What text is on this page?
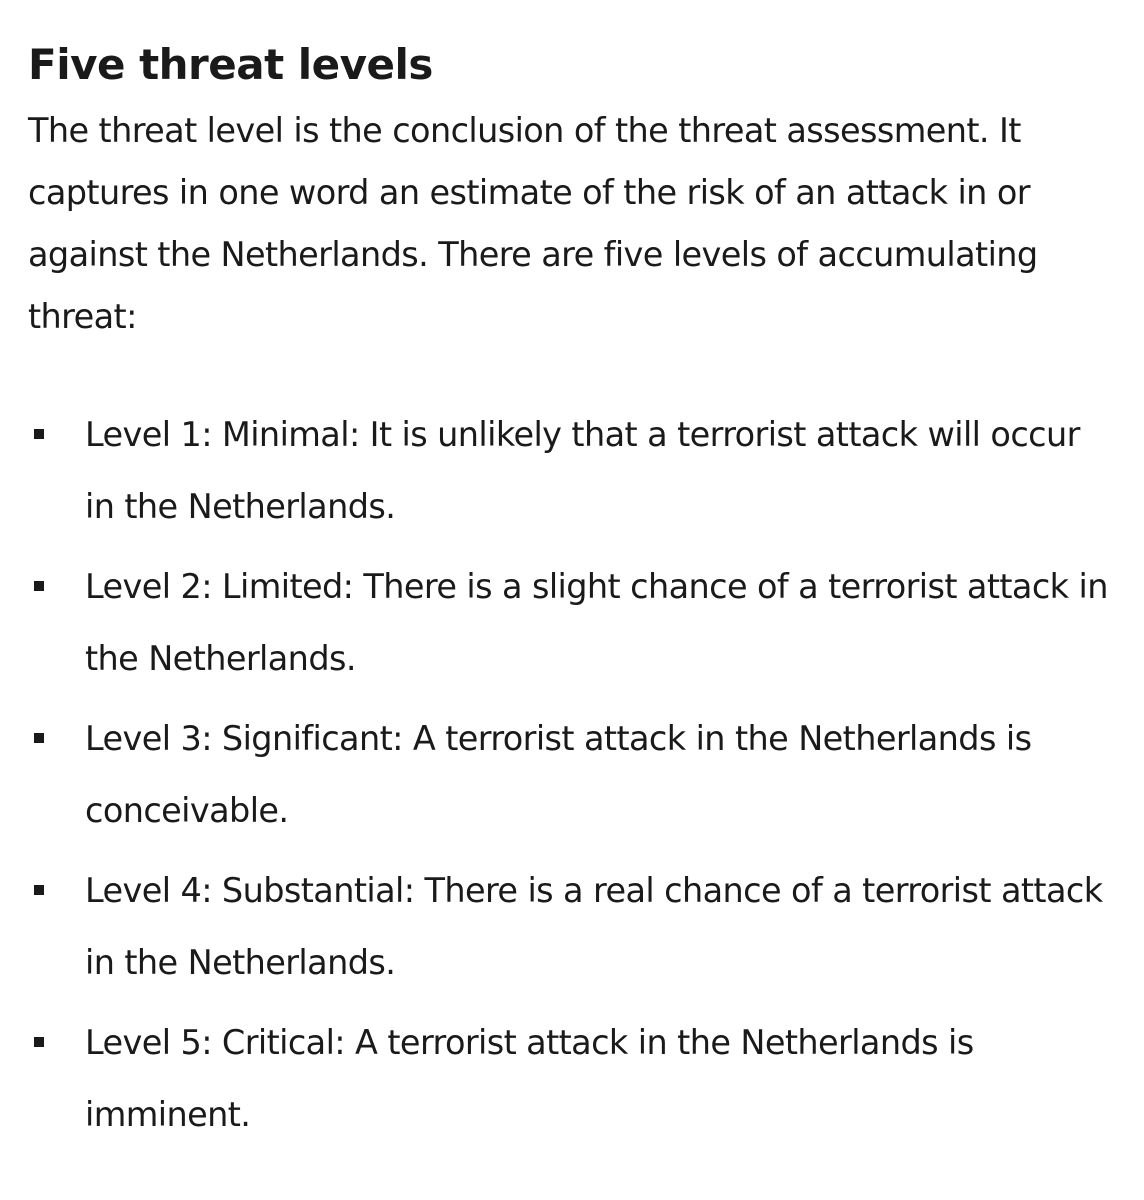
Five threat levels

The threat level is the conclusion of the threat assessment. It captures in one word an estimate of the risk of an attack in or against the Netherlands. There are five levels of accumulating threat:

Level 1: Minimal: It is unlikely that a terrorist attack will occur in the Netherlands.
Level 2: Limited: There is a slight chance of a terrorist attack in the Netherlands.
Level 3: Significant: A terrorist attack in the Netherlands is conceivable.
Level 4: Substantial: There is a real chance of a terrorist attack in the Netherlands.
Level 5: Critical: A terrorist attack in the Netherlands is imminent.
